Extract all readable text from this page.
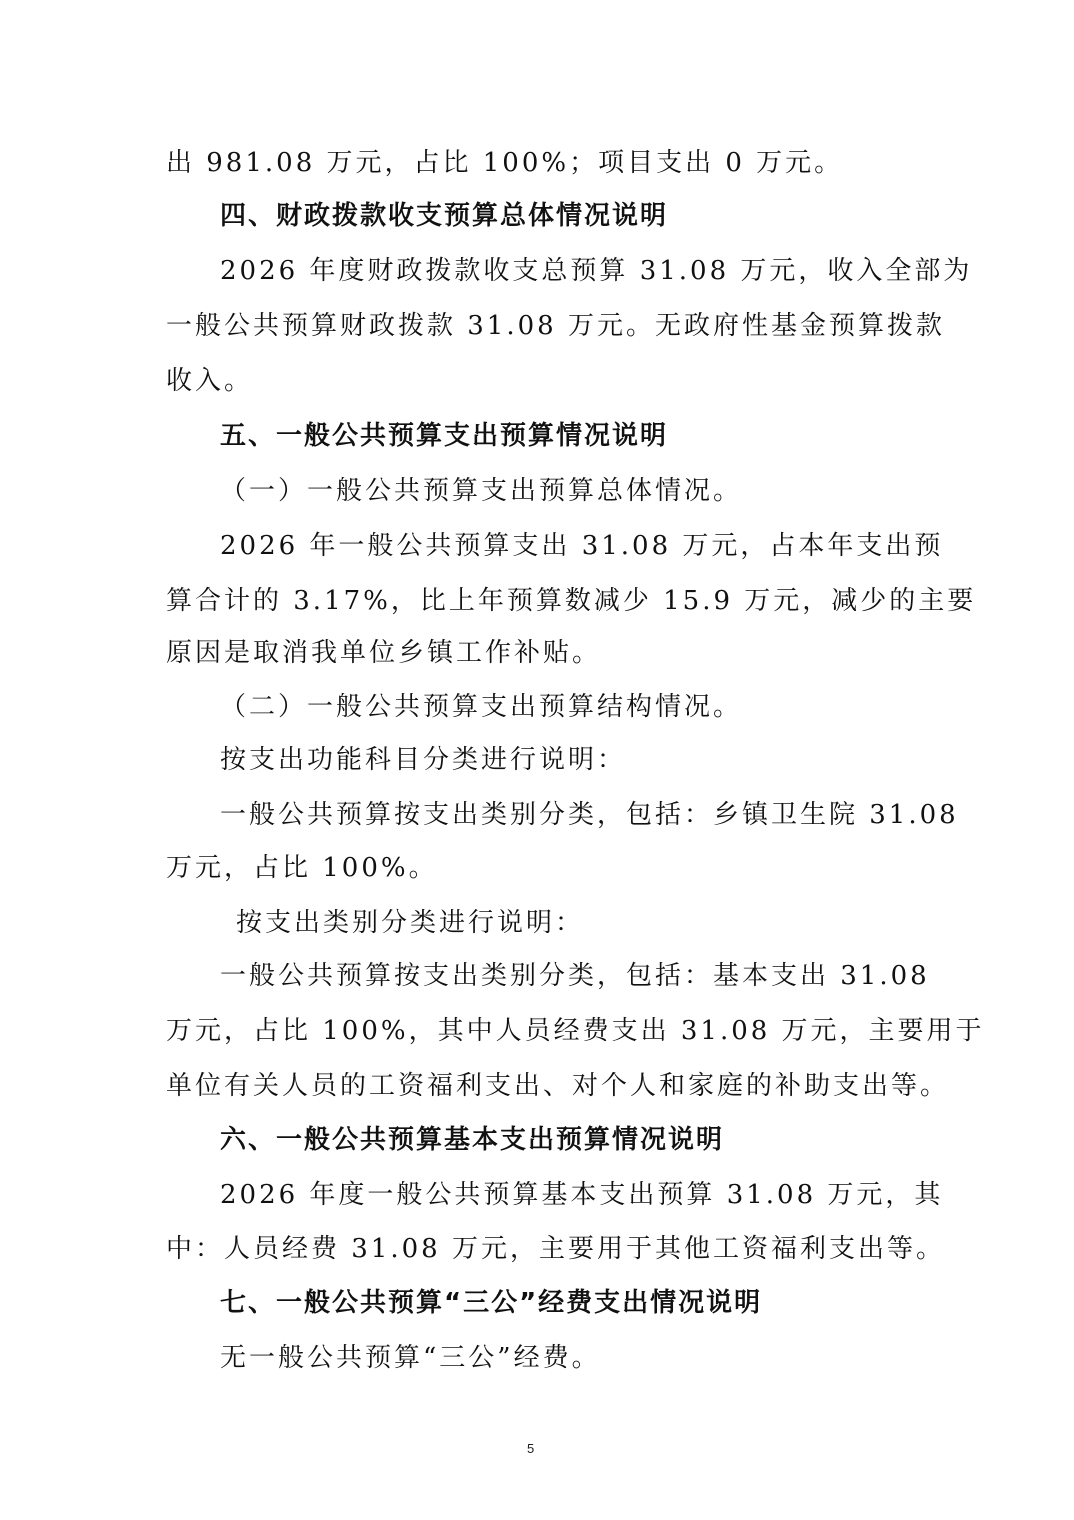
出 981.08 万元，占比 100%；项目支出 0 万元。
四、财政拨款收支预算总体情况说明
2026 年度财政拨款收支总预算 31.08 万元，收入全部为
一般公共预算财政拨款 31.08 万元。无政府性基金预算拨款
收入。
五、一般公共预算支出预算情况说明
（一）一般公共预算支出预算总体情况。
2026 年一般公共预算支出 31.08 万元，占本年支出预
算合计的 3.17%，比上年预算数减少 15.9 万元，减少的主要
原因是取消我单位乡镇工作补贴。
（二）一般公共预算支出预算结构情况。
按支出功能科目分类进行说明：
一般公共预算按支出类别分类，包括：乡镇卫生院 31.08
万元，占比 100%。
按支出类别分类进行说明：
一般公共预算按支出类别分类，包括：基本支出 31.08
万元，占比 100%，其中人员经费支出 31.08 万元，主要用于
单位有关人员的工资福利支出、对个人和家庭的补助支出等。
六、一般公共预算基本支出预算情况说明
2026 年度一般公共预算基本支出预算 31.08 万元，其
中：人员经费 31.08 万元，主要用于其他工资福利支出等。
七、一般公共预算“三公”经费支出情况说明
无一般公共预算“三公”经费。
5
